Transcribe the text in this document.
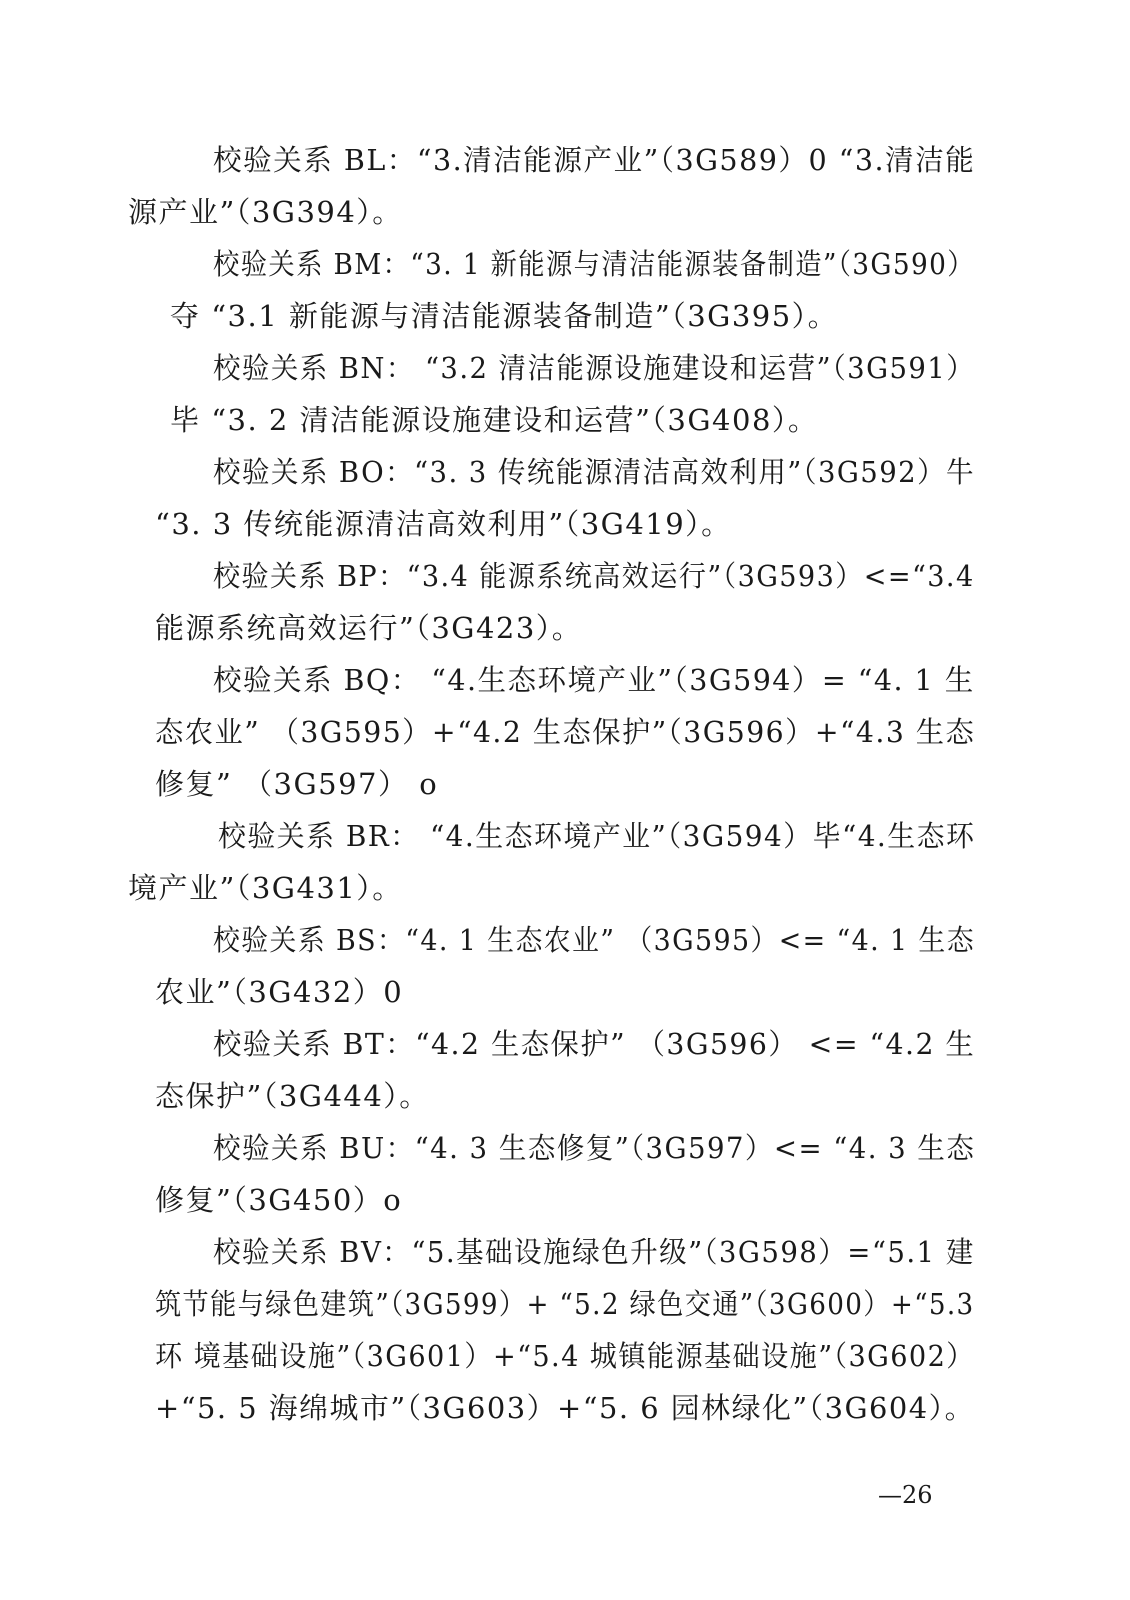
校验关系 BL：“3.清洁能源产业”（3G589）0 “3.清洁能
源产业”（3G394）。
校验关系 BM：“3. 1 新能源与清洁能源装备制造”（3G590）
夺 “3.1 新能源与清洁能源装备制造”（3G395）。
校验关系 BN： “3.2 清洁能源设施建设和运营”（3G591）
毕 “3. 2 清洁能源设施建设和运营”（3G408）。
校验关系 BO：“3. 3 传统能源清洁高效利用”（3G592）牛
“3. 3 传统能源清洁高效利用”（3G419）。
校验关系 BP：“3.4 能源系统高效运行”（3G593）<=“3.4
能源系统高效运行”（3G423）。
校验关系 BQ： “4.生态环境产业”（3G594）= “4. 1 生
态农业” （3G595）+“4.2 生态保护”（3G596）+“4.3 生态
修复” （3G597） o
校验关系 BR： “4.生态环境产业”（3G594）毕“4.生态环
境产业”（3G431）。
校验关系 BS：“4. 1 生态农业” （3G595）<= “4. 1 生态
农业”（3G432）0
校验关系 BT：“4.2 生态保护” （3G596） <= “4.2 生
态保护”（3G444）。
校验关系 BU：“4. 3 生态修复”（3G597）<= “4. 3 生态
修复”（3G450）o
校验关系 BV：“5.基础设施绿色升级”（3G598）=“5.1 建
筑节能与绿色建筑”（3G599）+ “5.2 绿色交通”（3G600）+“5.3
环 境基础设施”（3G601）+“5.4 城镇能源基础设施”（3G602）
+“5. 5 海绵城市”（3G603）+“5. 6 园林绿化”（3G604）。
—26
